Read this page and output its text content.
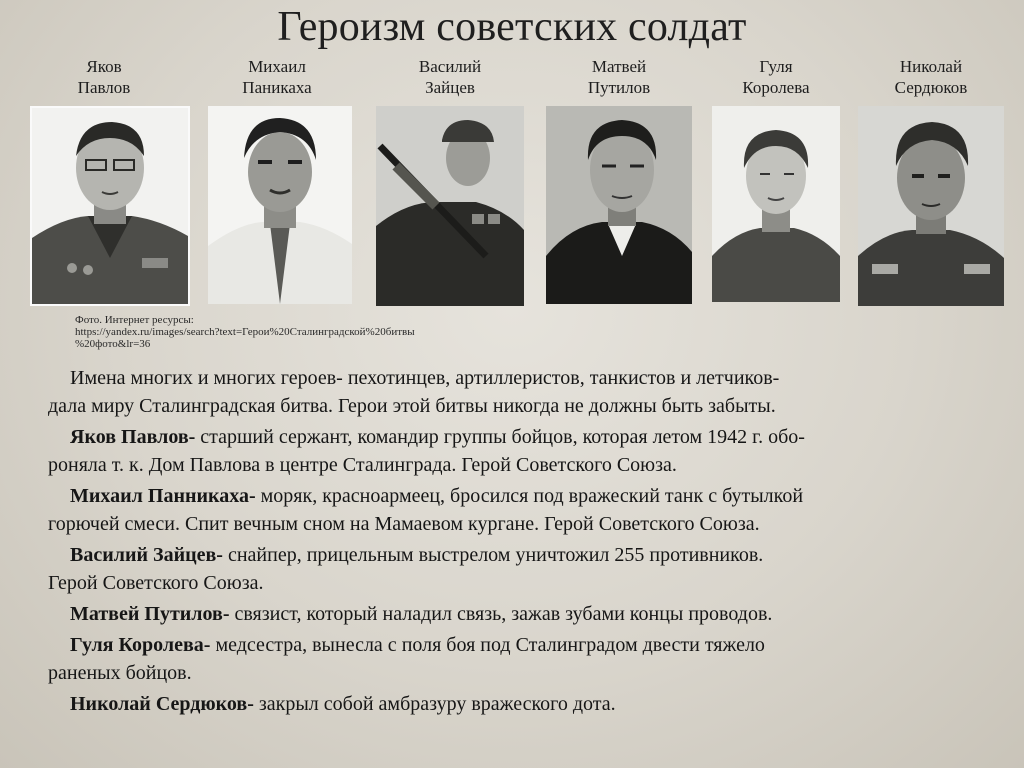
Героизм советских солдат
Яков
Павлов
Михаил
Паникаха
Василий
Зайцев
Матвей
Путилов
Гуля
Королева
Николай
Сердюков
Фото. Интернет ресурсы:
https://yandex.ru/images/search?text=Герои%20Сталинградской%20битвы
%20фото&lr=36
Имена многих и многих героев- пехотинцев, артиллеристов, танкистов и летчиков-
дала миру Сталинградская битва. Герои этой битвы никогда не должны быть забыты.
Яков Павлов- старший сержант, командир группы бойцов, которая летом 1942 г. обо-
роняла т. к. Дом Павлова в центре Сталинграда. Герой Советского Союза.
Михаил Панникаха- моряк, красноармеец, бросился под вражеский танк с бутылкой
горючей смеси. Спит вечным сном на Мамаевом кургане. Герой Советского Союза.
Василий Зайцев- снайпер, прицельным выстрелом уничтожил 255 противников.
Герой Советского Союза.
Матвей Путилов- связист, который наладил связь, зажав зубами концы проводов.
Гуля Королева- медсестра, вынесла с поля боя под Сталинградом двести тяжело
раненых бойцов.
Николай Сердюков- закрыл собой амбразуру вражеского дота.
